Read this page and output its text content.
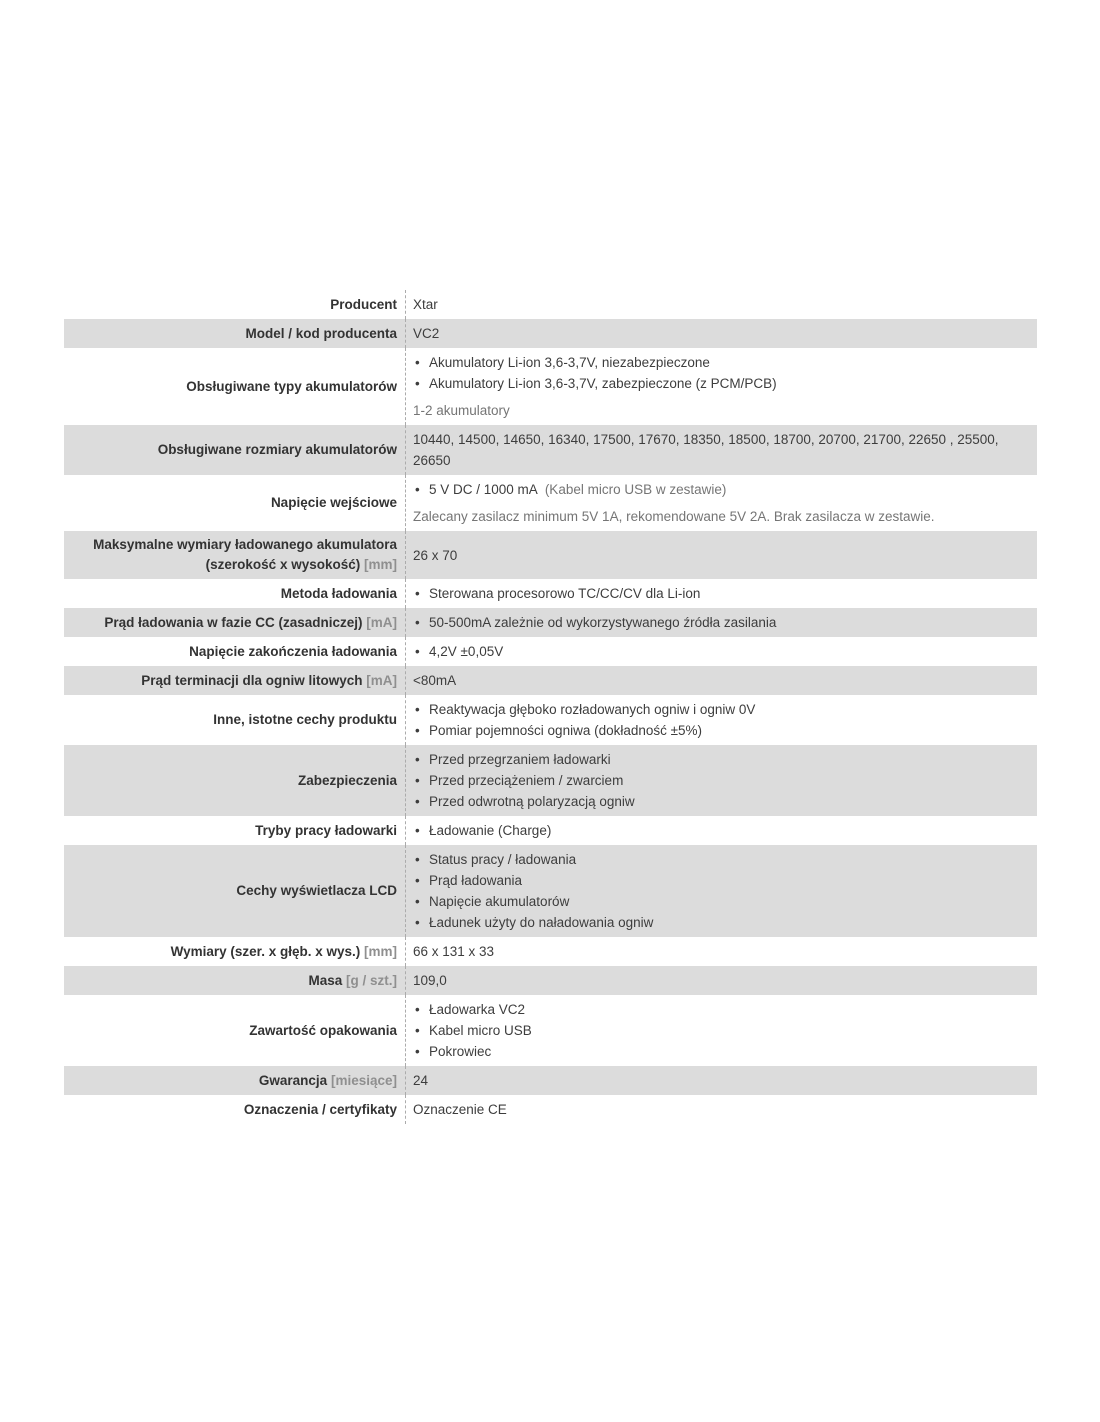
Producent Xtar
Model / kod producenta VC2
Obsługiwane typy akumulatorów
• Akumulatory Li-ion 3,6-3,7V, niezabezpieczone
• Akumulatory Li-ion 3,6-3,7V, zabezpieczone (z PCM/PCB)
1-2 akumulatory
Obsługiwane rozmiary akumulatorów
10440, 14500, 14650, 16340, 17500, 17670, 18350, 18500, 18700, 20700, 21700, 22650 , 25500, 26650
Napięcie wejściowe
• 5 V DC / 1000 mA (Kabel micro USB w zestawie)
Zalecany zasilacz minimum 5V 1A, rekomendowane 5V 2A. Brak zasilacza w zestawie.
Maksymalne wymiary ładowanego akumulatora (szerokość x wysokość) [mm]
26 x 70
Metoda ładowania • Sterowana procesorowo TC/CC/CV dla Li-ion
Prąd ładowania w fazie CC (zasadniczej) [mA] • 50-500mA zależnie od wykorzystywanego źródła zasilania
Napięcie zakończenia ładowania • 4,2V ±0,05V
Prąd terminacji dla ogniw litowych [mA] <80mA
Inne, istotne cechy produktu
• Reaktywacja głęboko rozładowanych ogniw i ogniw 0V
• Pomiar pojemności ogniwa (dokładność ±5%)
Zabezpieczenia
• Przed przegrzaniem ładowarki
• Przed przeciążeniem / zwarciem
• Przed odwrotną polaryzacją ogniw
Tryby pracy ładowarki • Ładowanie (Charge)
Cechy wyświetlacza LCD
• Status pracy / ładowania
• Prąd ładowania
• Napięcie akumulatorów
• Ładunek użyty do naładowania ogniw
Wymiary (szer. x głęb. x wys.) [mm] 66 x 131 x 33
Masa [g / szt.] 109,0
Zawartość opakowania
• Ładowarka VC2
• Kabel micro USB
• Pokrowiec
Gwarancja [miesiące] 24
Oznaczenia / certyfikaty Oznaczenie CE
